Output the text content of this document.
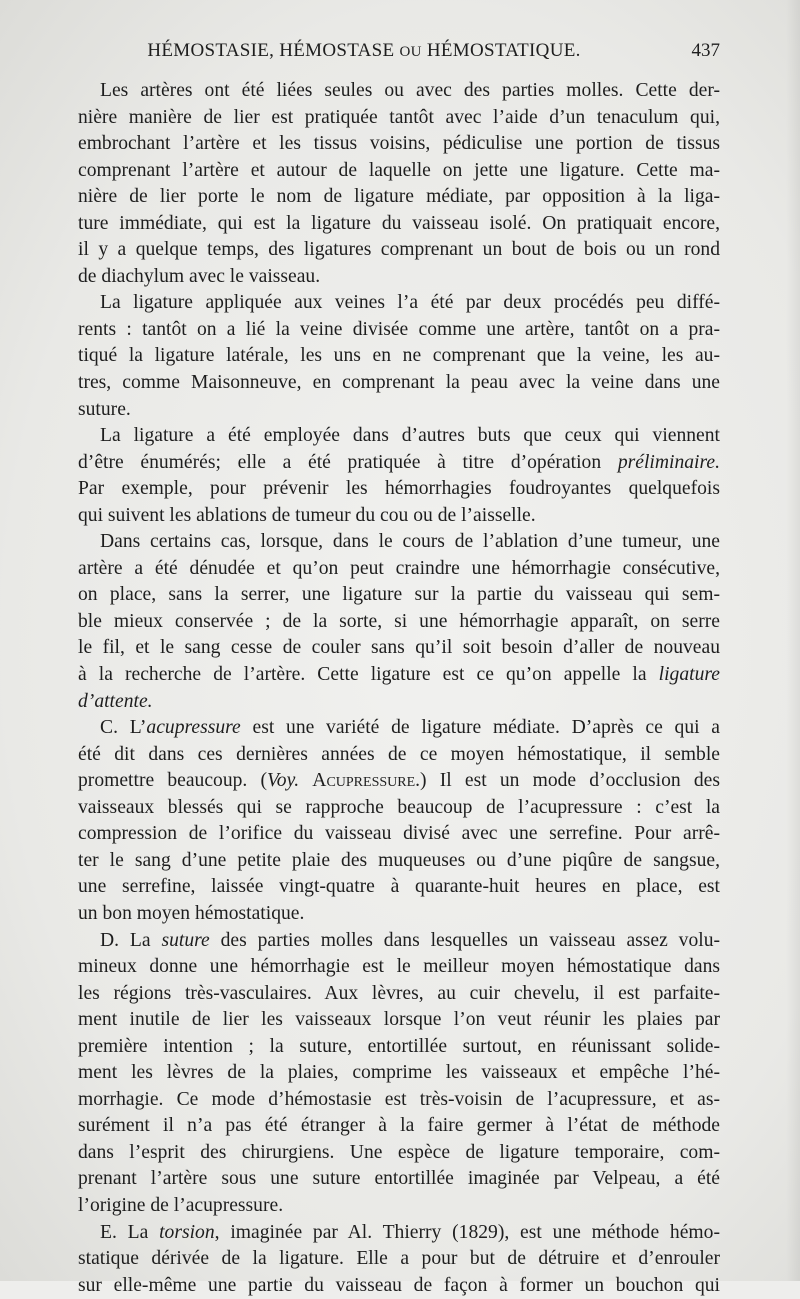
HÉMOSTASIE, HÉMOSTASE OU HÉMOSTATIQUE.	437
Les artères ont été liées seules ou avec des parties molles. Cette der-
nière manière de lier est pratiquée tantôt avec l’aide d’un tenaculum qui,
embrochant l’artère et les tissus voisins, pédiculise une portion de tissus
comprenant l’artère et autour de laquelle on jette une ligature. Cette ma-
nière de lier porte le nom de ligature médiate, par opposition à la liga-
ture immédiate, qui est la ligature du vaisseau isolé. On pratiquait encore,
il y a quelque temps, des ligatures comprenant un bout de bois ou un rond
de diachylum avec le vaisseau.
La ligature appliquée aux veines l’a été par deux procédés peu diffé-
rents : tantôt on a lié la veine divisée comme une artère, tantôt on a pra-
tiqué la ligature latérale, les uns en ne comprenant que la veine, les au-
tres, comme Maisonneuve, en comprenant la peau avec la veine dans une
suture.
La ligature a été employée dans d’autres buts que ceux qui viennent
d’être énumérés; elle a été pratiquée à titre d’opération préliminaire.
Par exemple, pour prévenir les hémorrhagies foudroyantes quelquefois
qui suivent les ablations de tumeur du cou ou de l’aisselle.
Dans certains cas, lorsque, dans le cours de l’ablation d’une tumeur, une
artère a été dénudée et qu’on peut craindre une hémorrhagie consécutive,
on place, sans la serrer, une ligature sur la partie du vaisseau qui sem-
ble mieux conservée ; de la sorte, si une hémorrhagie apparaît, on serre
le fil, et le sang cesse de couler sans qu’il soit besoin d’aller de nouveau
à la recherche de l’artère. Cette ligature est ce qu’on appelle la ligature
d’attente.
C. L’acupressure est une variété de ligature médiate. D’après ce qui a
été dit dans ces dernières années de ce moyen hémostatique, il semble
promettre beaucoup. (Voy. Acupressure.) Il est un mode d’occlusion des
vaisseaux blessés qui se rapproche beaucoup de l’acupressure : c’est la
compression de l’orifice du vaisseau divisé avec une serrefine. Pour arrê-
ter le sang d’une petite plaie des muqueuses ou d’une piqûre de sangsue,
une serrefine, laissée vingt-quatre à quarante-huit heures en place, est
un bon moyen hémostatique.
D. La suture des parties molles dans lesquelles un vaisseau assez volu-
mineux donne une hémorrhagie est le meilleur moyen hémostatique dans
les régions très-vasculaires. Aux lèvres, au cuir chevelu, il est parfaite-
ment inutile de lier les vaisseaux lorsque l’on veut réunir les plaies par
première intention ; la suture, entortillée surtout, en réunissant solide-
ment les lèvres de la plaies, comprime les vaisseaux et empêche l’hé-
morrhagie. Ce mode d’hémostasie est très-voisin de l’acupressure, et as-
surément il n’a pas été étranger à la faire germer à l’état de méthode
dans l’esprit des chirurgiens. Une espèce de ligature temporaire, com-
prenant l’artère sous une suture entortillée imaginée par Velpeau, a été
l’origine de l’acupressure.
E. La torsion, imaginée par Al. Thierry (1829), est une méthode hémo-
statique dérivée de la ligature. Elle a pour but de détruire et d’enrouler
sur elle-même une partie du vaisseau de façon à former un bouchon qui
